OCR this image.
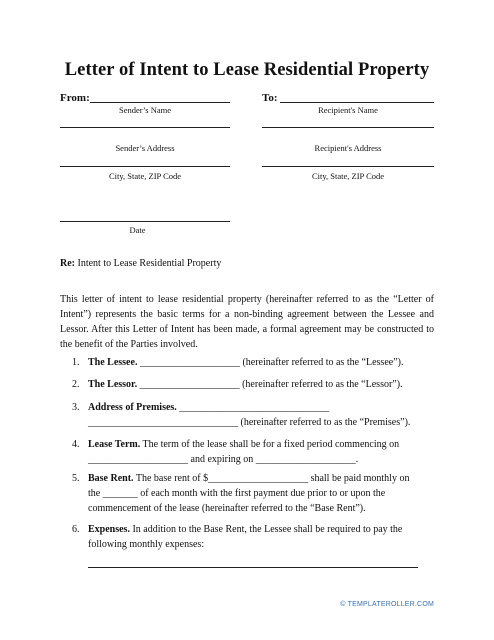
Letter of Intent to Lease Residential Property
From:
Sender’s Name
Sender’s Address
City, State, ZIP Code
Date
To:
Recipient's Name
Recipient's Address
City, State, ZIP Code
Re: Intent to Lease Residential Property
This letter of intent to lease residential property (hereinafter referred to as the “Letter of Intent”) represents the basic terms for a non-binding agreement between the Lessee and Lessor. After this Letter of Intent has been made, a formal agreement may be constructed to the benefit of the Parties involved.
1. The Lessee. ____________________ (hereinafter referred to as the “Lessee”).
2. The Lessor. ____________________ (hereinafter referred to as the “Lessor”).
3. Address of Premises. ______________________________
______________________________ (hereinafter referred to as the “Premises”).
4. Lease Term. The term of the lease shall be for a fixed period commencing on
____________________ and expiring on ____________________.
5. Base Rent. The base rent of $____________________ shall be paid monthly on
the _______ of each month with the first payment due prior to or upon the
commencement of the lease (hereinafter referred to the “Base Rent”).
6. Expenses. In addition to the Base Rent, the Lessee shall be required to pay the
following monthly expenses:
© TEMPLATEROLLER.COM
